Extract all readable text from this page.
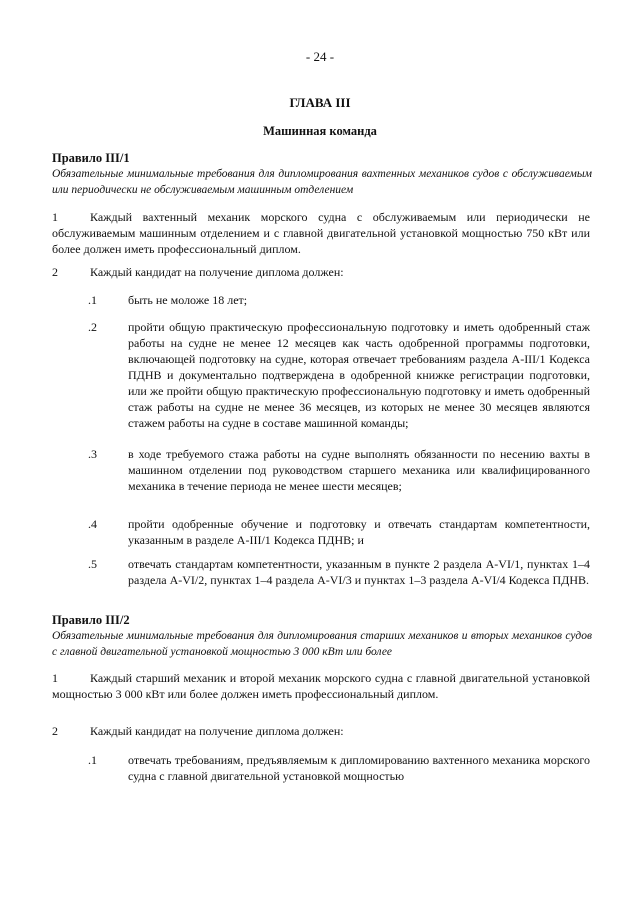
- 24 -
ГЛАВА III
Машинная команда
Правило III/1
Обязательные минимальные требования для дипломирования вахтенных механиков судов с обслуживаемым или периодически не обслуживаемым машинным отделением
1	Каждый вахтенный механик морского судна с обслуживаемым или периодически не обслуживаемым машинным отделением и с главной двигательной установкой мощностью 750 кВт или более должен иметь профессиональный диплом.
2	Каждый кандидат на получение диплома должен:
.1	быть не моложе 18 лет;
.2	пройти общую практическую профессиональную подготовку и иметь одобренный стаж работы на судне не менее 12 месяцев как часть одобренной программы подготовки, включающей подготовку на судне, которая отвечает требованиям раздела A-III/1 Кодекса ПДНВ и документально подтверждена в одобренной книжке регистрации подготовки, или же пройти общую практическую профессиональную подготовку и иметь одобренный стаж работы на судне не менее 36 месяцев, из которых не менее 30 месяцев являются стажем работы на судне в составе машинной команды;
.3	в ходе требуемого стажа работы на судне выполнять обязанности по несению вахты в машинном отделении под руководством старшего механика или квалифицированного механика в течение периода не менее шести месяцев;
.4	пройти одобренные обучение и подготовку и отвечать стандартам компетентности, указанным в разделе A-III/1 Кодекса ПДНВ; и
.5	отвечать стандартам компетентности, указанным в пункте 2 раздела A-VI/1, пунктах 1–4 раздела A-VI/2, пунктах 1–4 раздела A-VI/3 и пунктах 1–3 раздела A-VI/4 Кодекса ПДНВ.
Правило III/2
Обязательные минимальные требования для дипломирования старших механиков и вторых механиков судов с главной двигательной установкой мощностью 3 000 кВт или более
1	Каждый старший механик и второй механик морского судна с главной двигательной установкой мощностью 3 000 кВт или более должен иметь профессиональный диплом.
2	Каждый кандидат на получение диплома должен:
.1	отвечать требованиям, предъявляемым к дипломированию вахтенного механика морского судна с главной двигательной установкой мощностью
